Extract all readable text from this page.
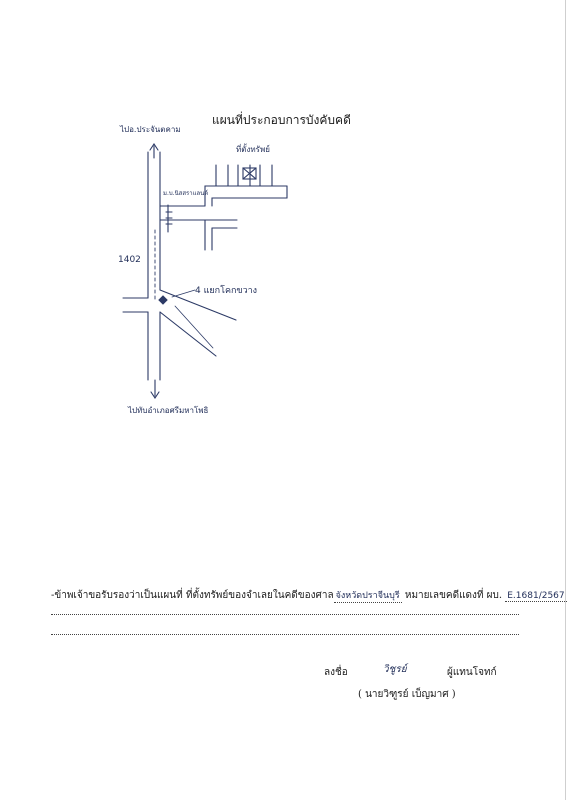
แผนที่ประกอบการบังคับคดี
ไปอ.ประจันตคาม
ที่ตั้งทรัพย์
ม.บ.นิสสราแลนด์
1402
4 แยกโคกขวาง
ไปทับอำเภอศรีมหาโพธิ
-ข้าพเจ้าขอรับรองว่าเป็นแผนที่ ที่ตั้งทรัพย์ของจำเลยในคดีของศาล จังหวัดปราจีนบุรี หมายเลขคดีแดงที่ ผบ. E.1681/2567
ลงชื่อ	วิชูรย์	ผู้แทนโจทก์
( นายวิฑูรย์ เบ็ญมาศ )
